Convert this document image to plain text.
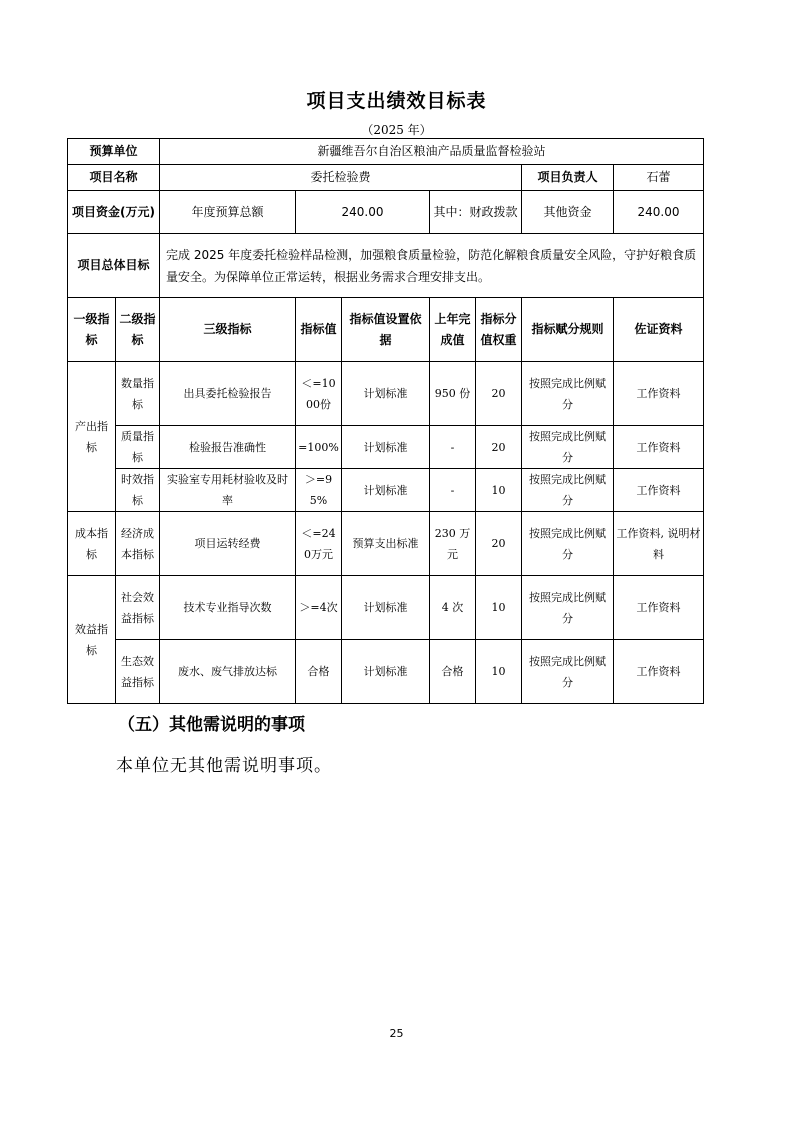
项目支出绩效目标表
（2025 年）
预算单位		新疆维吾尔自治区粮油产品质量监督检验站						
项目名称		委托检验费					项目负责人	石蕾
项目资金(万元)		年度预算总额	240.00		其中：财政拨款		其他资金	240.00
项目总体目标		完成 2025 年度委托检验样品检测，加强粮食质量检验，防范化解粮食质量安全风险，守护好粮食质量安全。为保障单位正常运转，根据业务需求合理安排支出。						
一级指标	二级指标	三级指标	指标值	指标值设置依据	上年完成值	指标分值权重	指标赋分规则	佐证资料
产出指标	数量指标	出具委托检验报告	＜=1000份	计划标准	950 份	20	按照完成比例赋分	工作资料
	质量指标	检验报告准确性	=100%	计划标准	-	20	按照完成比例赋分	工作资料
	时效指标	实验室专用耗材验收及时率	＞=95%	计划标准	-	10	按照完成比例赋分	工作资料
成本指标	经济成本指标	项目运转经费	＜=240万元	预算支出标准	230 万元	20	按照完成比例赋分	工作资料, 说明材料
效益指标	社会效益指标	技术专业指导次数	＞=4次	计划标准	4 次	10	按照完成比例赋分	工作资料
	生态效益指标	废水、废气排放达标	合格	计划标准	合格	10	按照完成比例赋分	工作资料
（五）其他需说明的事项
本单位无其他需说明事项。
25
